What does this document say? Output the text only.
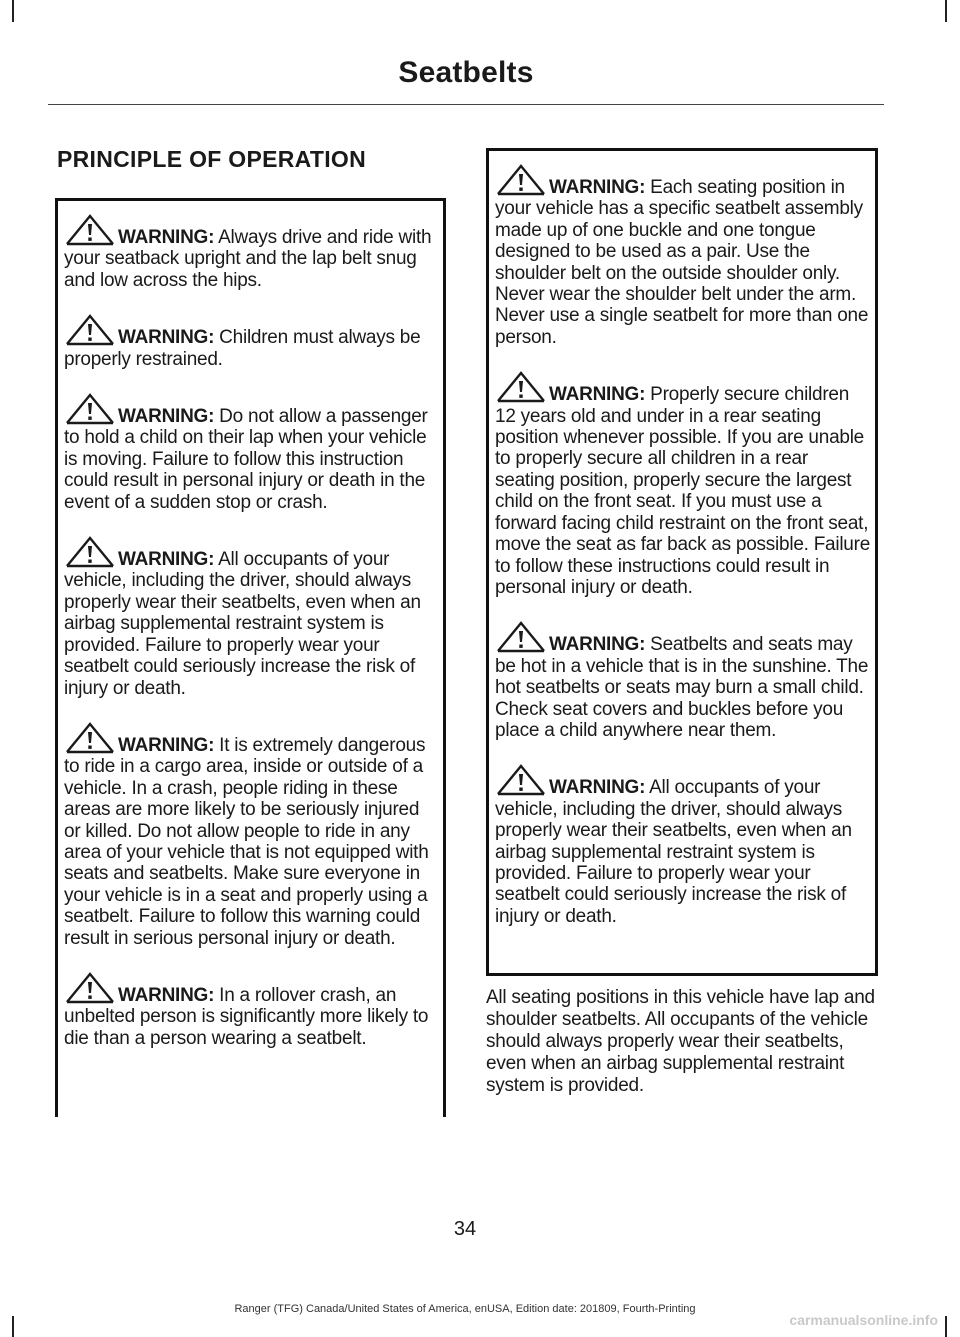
Seatbelts
PRINCIPLE OF OPERATION

WARNING: Always drive and ride with your seatback upright and the lap belt snug and low across the hips.

WARNING: Children must always be properly restrained.

WARNING: Do not allow a passenger to hold a child on their lap when your vehicle is moving. Failure to follow this instruction could result in personal injury or death in the event of a sudden stop or crash.

WARNING: All occupants of your vehicle, including the driver, should always properly wear their seatbelts, even when an airbag supplemental restraint system is provided. Failure to properly wear your seatbelt could seriously increase the risk of injury or death.

WARNING: It is extremely dangerous to ride in a cargo area, inside or outside of a vehicle. In a crash, people riding in these areas are more likely to be seriously injured or killed. Do not allow people to ride in any area of your vehicle that is not equipped with seats and seatbelts. Make sure everyone in your vehicle is in a seat and properly using a seatbelt. Failure to follow this warning could result in serious personal injury or death.

WARNING: In a rollover crash, an unbelted person is significantly more likely to die than a person wearing a seatbelt.

WARNING: Each seating position in your vehicle has a specific seatbelt assembly made up of one buckle and one tongue designed to be used as a pair. Use the shoulder belt on the outside shoulder only. Never wear the shoulder belt under the arm. Never use a single seatbelt for more than one person.

WARNING: Properly secure children 12 years old and under in a rear seating position whenever possible. If you are unable to properly secure all children in a rear seating position, properly secure the largest child on the front seat. If you must use a forward facing child restraint on the front seat, move the seat as far back as possible. Failure to follow these instructions could result in personal injury or death.

WARNING: Seatbelts and seats may be hot in a vehicle that is in the sunshine. The hot seatbelts or seats may burn a small child. Check seat covers and buckles before you place a child anywhere near them.

WARNING: All occupants of your vehicle, including the driver, should always properly wear their seatbelts, even when an airbag supplemental restraint system is provided. Failure to properly wear your seatbelt could seriously increase the risk of injury or death.

All seating positions in this vehicle have lap and shoulder seatbelts. All occupants of the vehicle should always properly wear their seatbelts, even when an airbag supplemental restraint system is provided.
34
Ranger (TFG) Canada/United States of America, enUSA, Edition date: 201809, Fourth-Printing
carmanualsonline.info
